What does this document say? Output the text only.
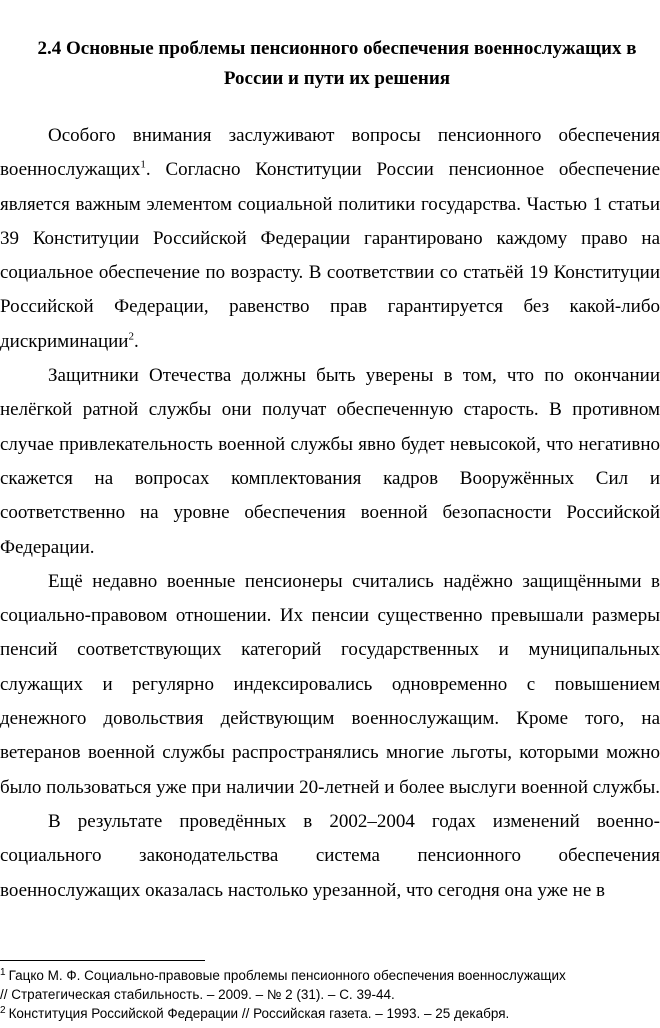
2.4 Основные проблемы пенсионного обеспечения военнослужащих в
России и пути их решения

Особого внимания заслуживают вопросы пенсионного обеспечения военнослужащих$^1$. Согласно Конституции России пенсионное обеспечение является важным элементом социальной политики государства. Частью 1 статьи 39 Конституции Российской Федерации гарантировано каждому право на социальное обеспечение по возрасту. В соответствии со статьёй 19 Конституции Российской Федерации, равенство прав гарантируется без какой-либо дискриминации$^2$.

Защитники Отечества должны быть уверены в том, что по окончании нелёгкой ратной службы они получат обеспеченную старость. В противном случае привлекательность военной службы явно будет невысокой, что негативно скажется на вопросах комплектования кадров Вооружённых Сил и соответственно на уровне обеспечения военной безопасности Российской Федерации.

Ещё недавно военные пенсионеры считались надёжно защищёнными в социально-правовом отношении. Их пенсии существенно превышали размеры пенсий соответствующих категорий государственных и муниципальных служащих и регулярно индексировались одновременно с повышением денежного довольствия действующим военнослужащим. Кроме того, на ветеранов военной службы распространялись многие льготы, которыми можно было пользоваться уже при наличии 20-летней и более выслуги военной службы.

В результате проведённых в 2002–2004 годах изменений военно-социального законодательства система пенсионного обеспечения военнослужащих оказалась настолько урезанной, что сегодня она уже не в

$^1$ Гацко М. Ф. Социально-правовые проблемы пенсионного обеспечения военнослужащих
// Стратегическая стабильность. – 2009. – № 2 (31). – С. 39-44.

$^2$ Конституция Российской Федерации // Российская газета. – 1993. – 25 декабря.
